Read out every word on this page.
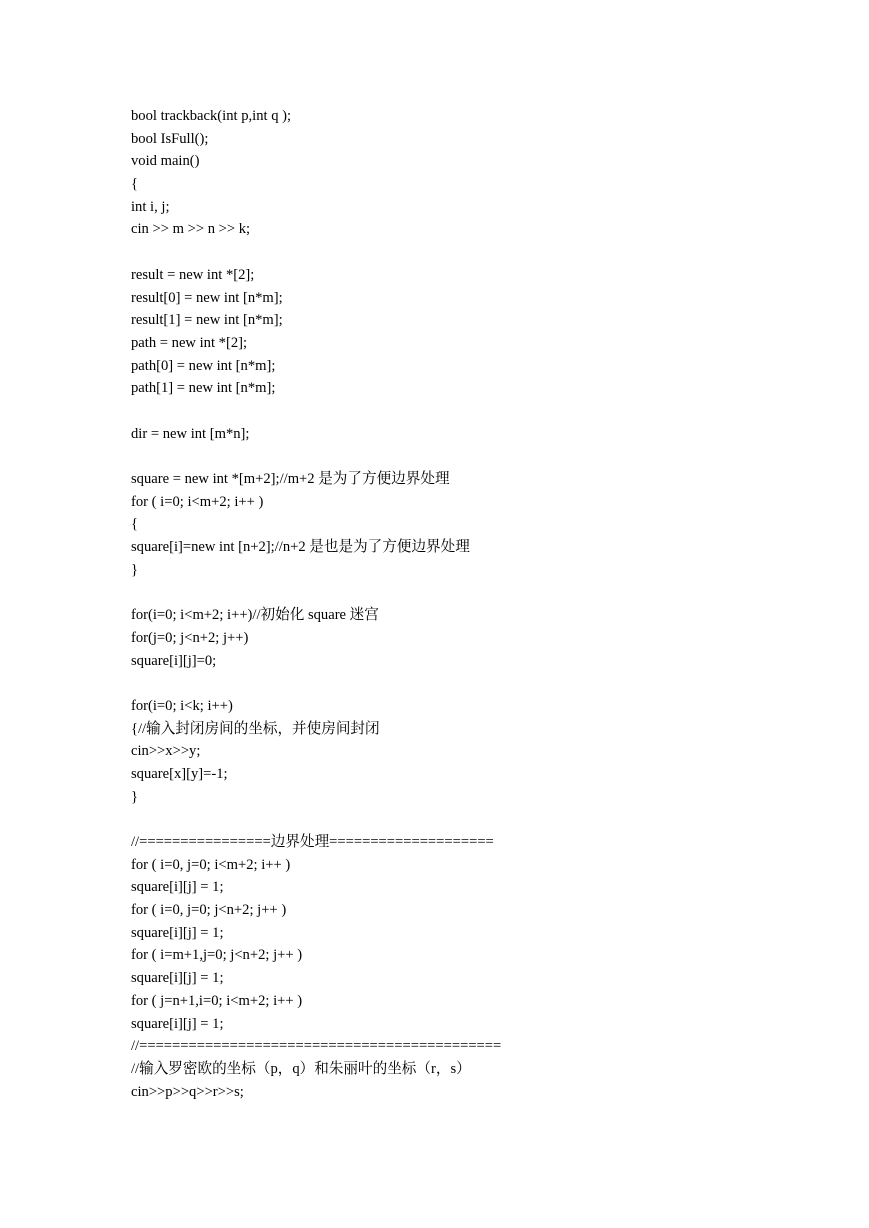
bool trackback(int p,int q );
bool IsFull();
void main()
{
int i, j;
cin >> m >> n >> k;
result = new int *[2];
result[0] = new int [n*m];
result[1] = new int [n*m];
path = new int *[2];
path[0] = new int [n*m];
path[1] = new int [n*m];
dir = new int [m*n];
square = new int *[m+2];//m+2 是为了方便边界处理
for ( i=0; i<m+2; i++ )
{
square[i]=new int [n+2];//n+2 是也是为了方便边界处理
}
for(i=0; i<m+2; i++)//初始化 square 迷宫
for(j=0; j<n+2; j++)
square[i][j]=0;
for(i=0; i<k; i++)
{//输入封闭房间的坐标，并使房间封闭
cin>>x>>y;
square[x][y]=-1;
}
//================边界处理====================
for ( i=0, j=0; i<m+2; i++ )
square[i][j] = 1;
for ( i=0, j=0; j<n+2; j++ )
square[i][j] = 1;
for ( i=m+1,j=0; j<n+2; j++ )
square[i][j] = 1;
for ( j=n+1,i=0; i<m+2; i++ )
square[i][j] = 1;
//============================================
//输入罗密欧的坐标（p，q）和朱丽叶的坐标（r，s）
cin>>p>>q>>r>>s;
